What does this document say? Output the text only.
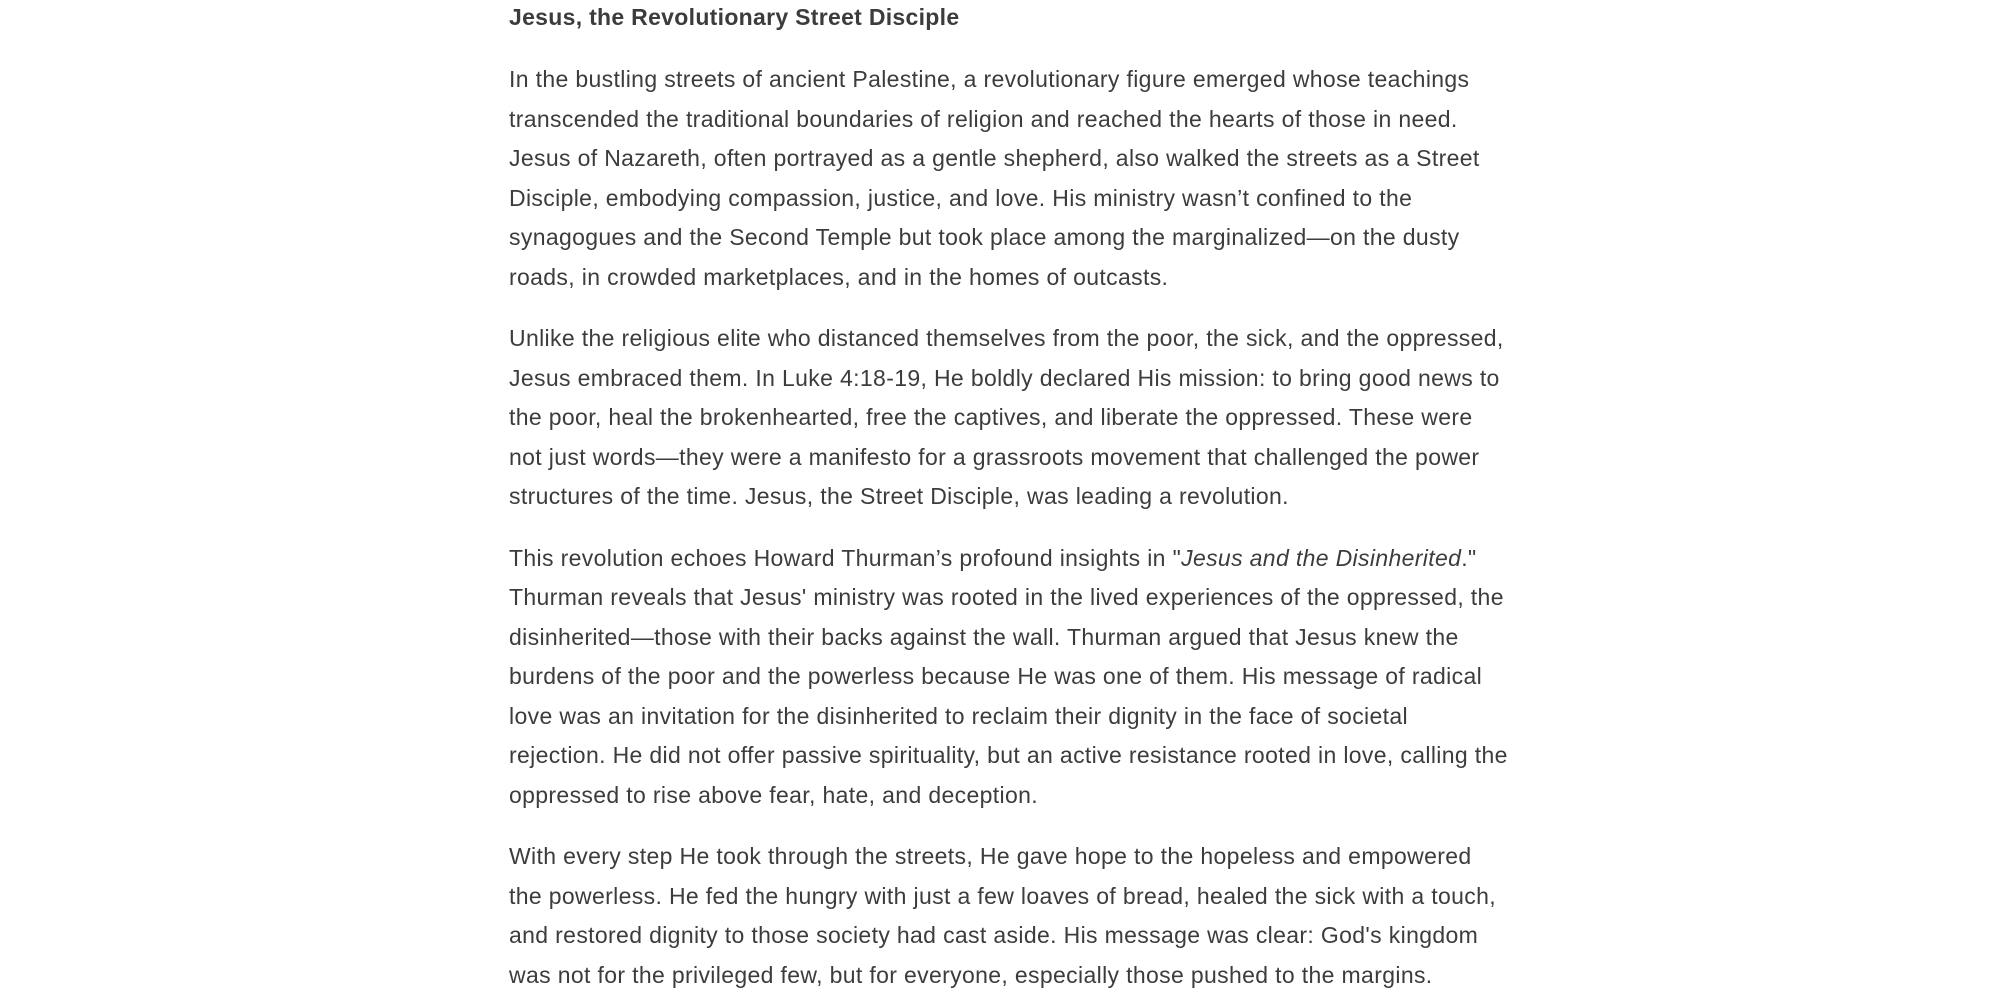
Jesus, the Revolutionary Street Disciple

In the bustling streets of ancient Palestine, a revolutionary figure emerged whose teachings transcended the traditional boundaries of religion and reached the hearts of those in need. Jesus of Nazareth, often portrayed as a gentle shepherd, also walked the streets as a Street Disciple, embodying compassion, justice, and love. His ministry wasn’t confined to the synagogues and the Second Temple but took place among the marginalized—on the dusty roads, in crowded marketplaces, and in the homes of outcasts.

Unlike the religious elite who distanced themselves from the poor, the sick, and the oppressed, Jesus embraced them. In Luke 4:18-19, He boldly declared His mission: to bring good news to the poor, heal the brokenhearted, free the captives, and liberate the oppressed. These were not just words—they were a manifesto for a grassroots movement that challenged the power structures of the time. Jesus, the Street Disciple, was leading a revolution.

This revolution echoes Howard Thurman’s profound insights in "Jesus and the Disinherited." Thurman reveals that Jesus' ministry was rooted in the lived experiences of the oppressed, the disinherited—those with their backs against the wall. Thurman argued that Jesus knew the burdens of the poor and the powerless because He was one of them. His message of radical love was an invitation for the disinherited to reclaim their dignity in the face of societal rejection. He did not offer passive spirituality, but an active resistance rooted in love, calling the oppressed to rise above fear, hate, and deception.

With every step He took through the streets, He gave hope to the hopeless and empowered the powerless. He fed the hungry with just a few loaves of bread, healed the sick with a touch, and restored dignity to those society had cast aside. His message was clear: God's kingdom was not for the privileged few, but for everyone, especially those pushed to the margins.
